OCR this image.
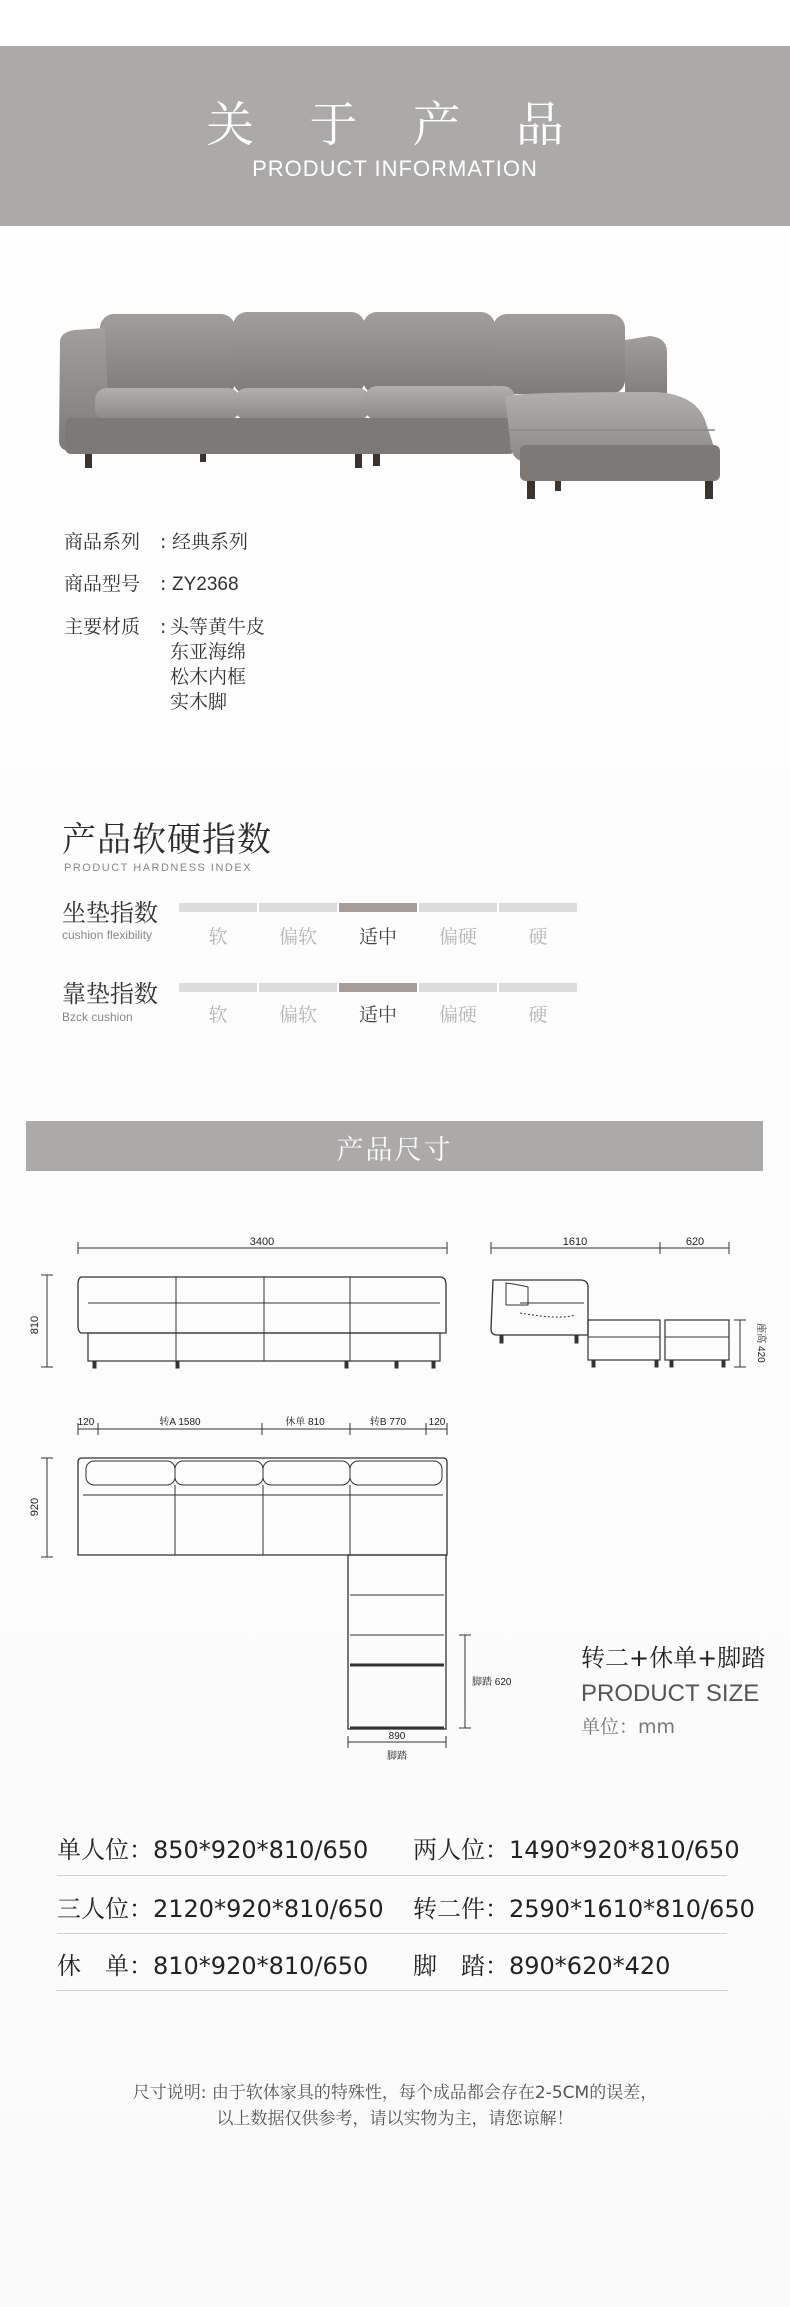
关 于 产 品
PRODUCT INFORMATION
商品系列 : 经典系列
商品型号 : ZY2368
主要材质 : 头等黄牛皮
东亚海绵
松木内框
实木脚
产品软硬指数
PRODUCT HARDNESS INDEX
坐垫指数
cushion flexibility	软	偏软	适中	偏硬	硬
靠垫指数
Bzck cushion	软	偏软	适中	偏硬	硬
产品尺寸
3400
810
1610	620
座高 420
120	转A 1580	休单 810	转B 770 120
920
脚踏 620
890
脚踏
转二+休单+脚踏
PRODUCT SIZE
单位：mm
单人位：850*920*810/650 两人位：1490*920*810/650
三人位：2120*920*810/650 转二件：2590*1610*810/650
休　单：810*920*810/650 脚　踏：890*620*420
尺寸说明: 由于软体家具的特殊性，每个成品都会存在2-5CM的误差，
以上数据仅供参考，请以实物为主，请您谅解！
